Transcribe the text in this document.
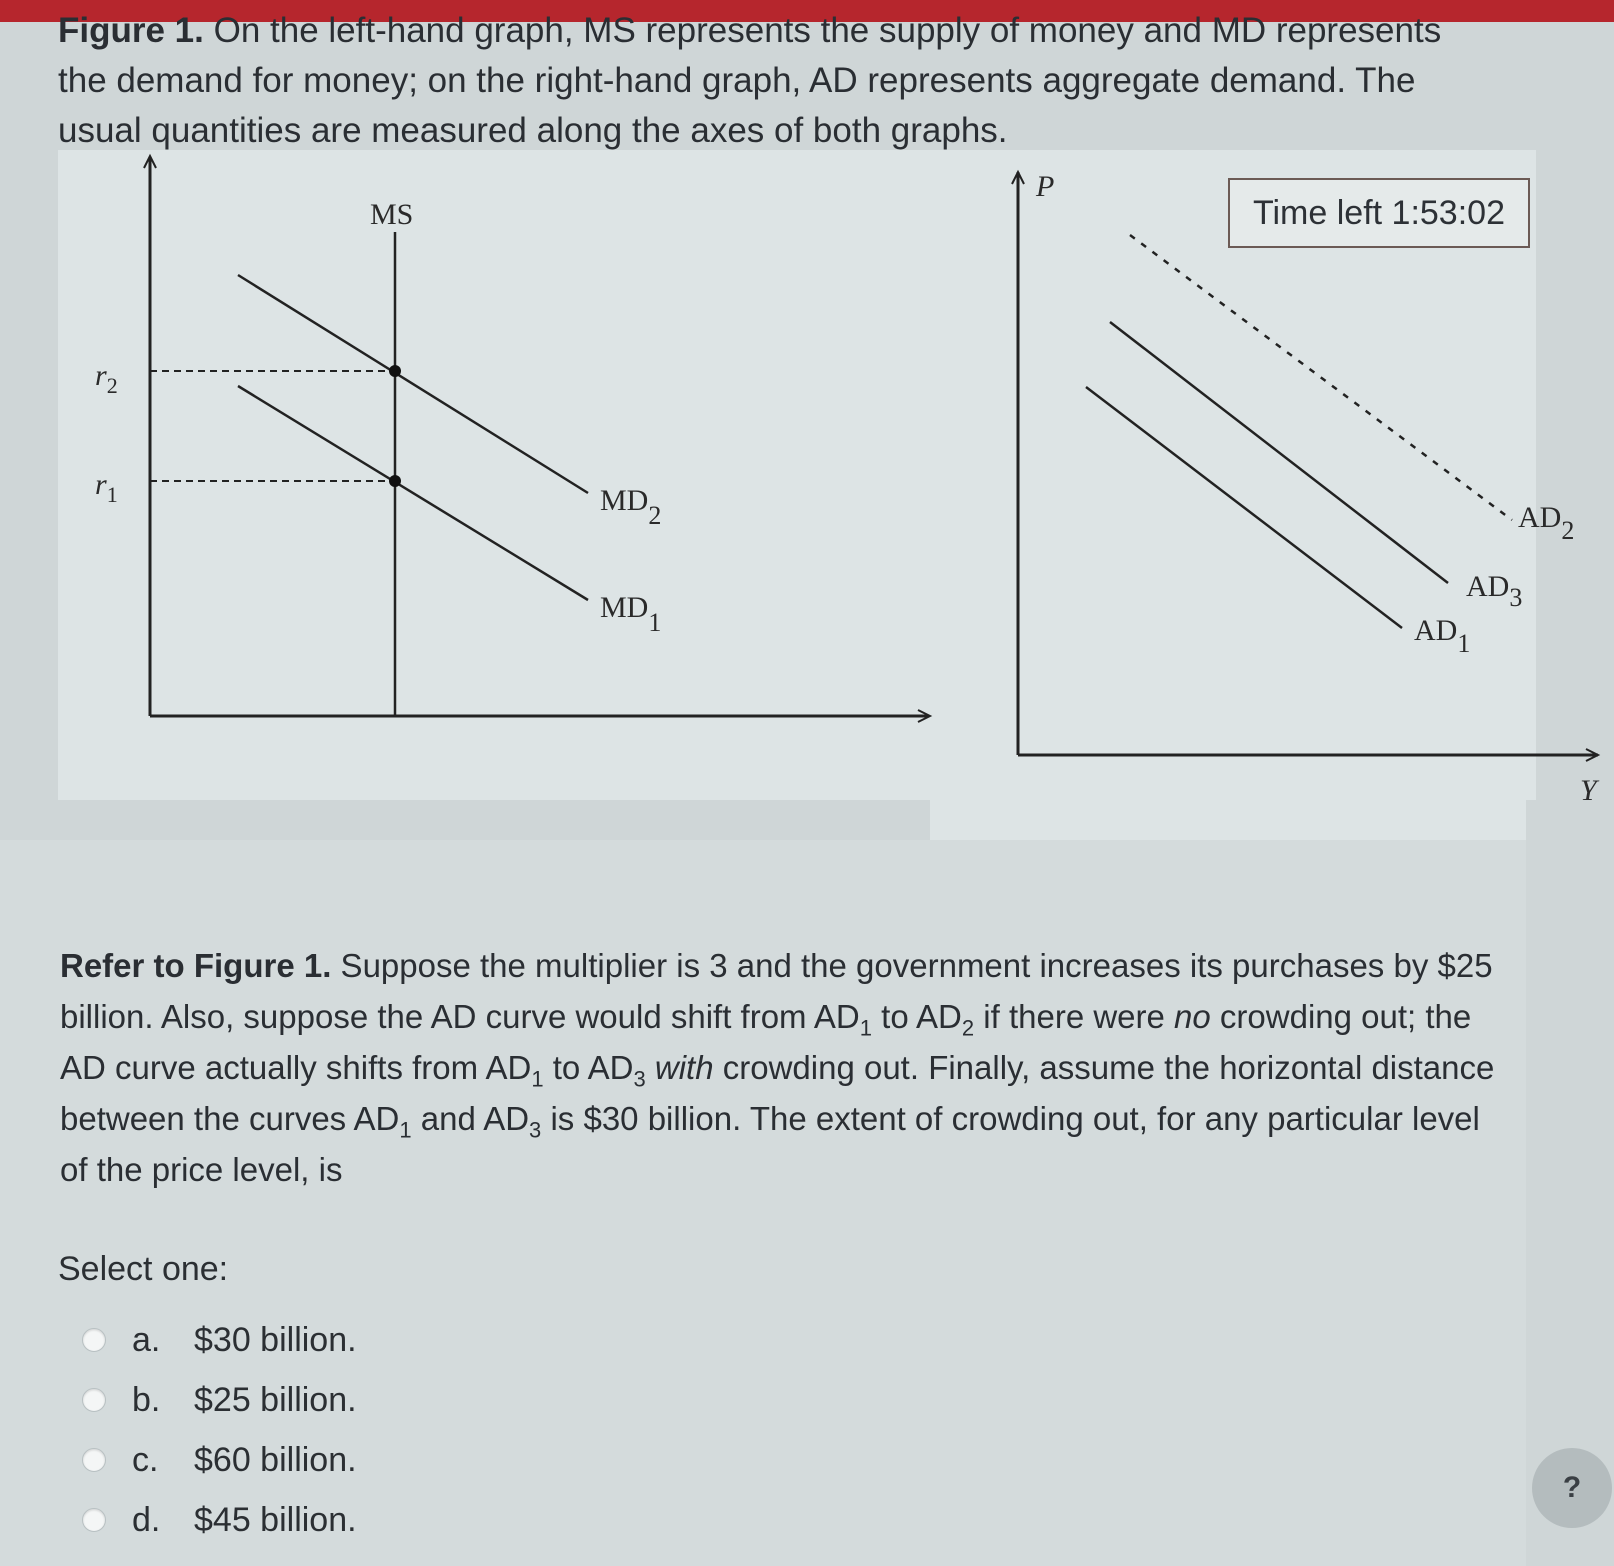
Figure 1. On the left-hand graph, MS represents the supply of money and MD represents the demand for money; on the right-hand graph, AD represents aggregate demand. The usual quantities are measured along the axes of both graphs.
MS
$r_2$
$r_1$	MD2
MD1
P
Y
AD2
AD3
AD1
Time left 1:53:02
Refer to Figure 1. Suppose the multiplier is 3 and the government increases its purchases by $25 billion. Also, suppose the AD curve would shift from $AD_1$ to $AD_2$ if there were no crowding out; the AD curve actually shifts from $AD_1$ to $AD_3$ with crowding out. Finally, assume the horizontal distance between the curves $AD_1$ and $AD_3$ is $30 billion. The extent of crowding out, for any particular level of the price level, is
Select one:
a. $30 billion.
b. $25 billion.
c.	$60 billion.
d. $45 billion.
?
